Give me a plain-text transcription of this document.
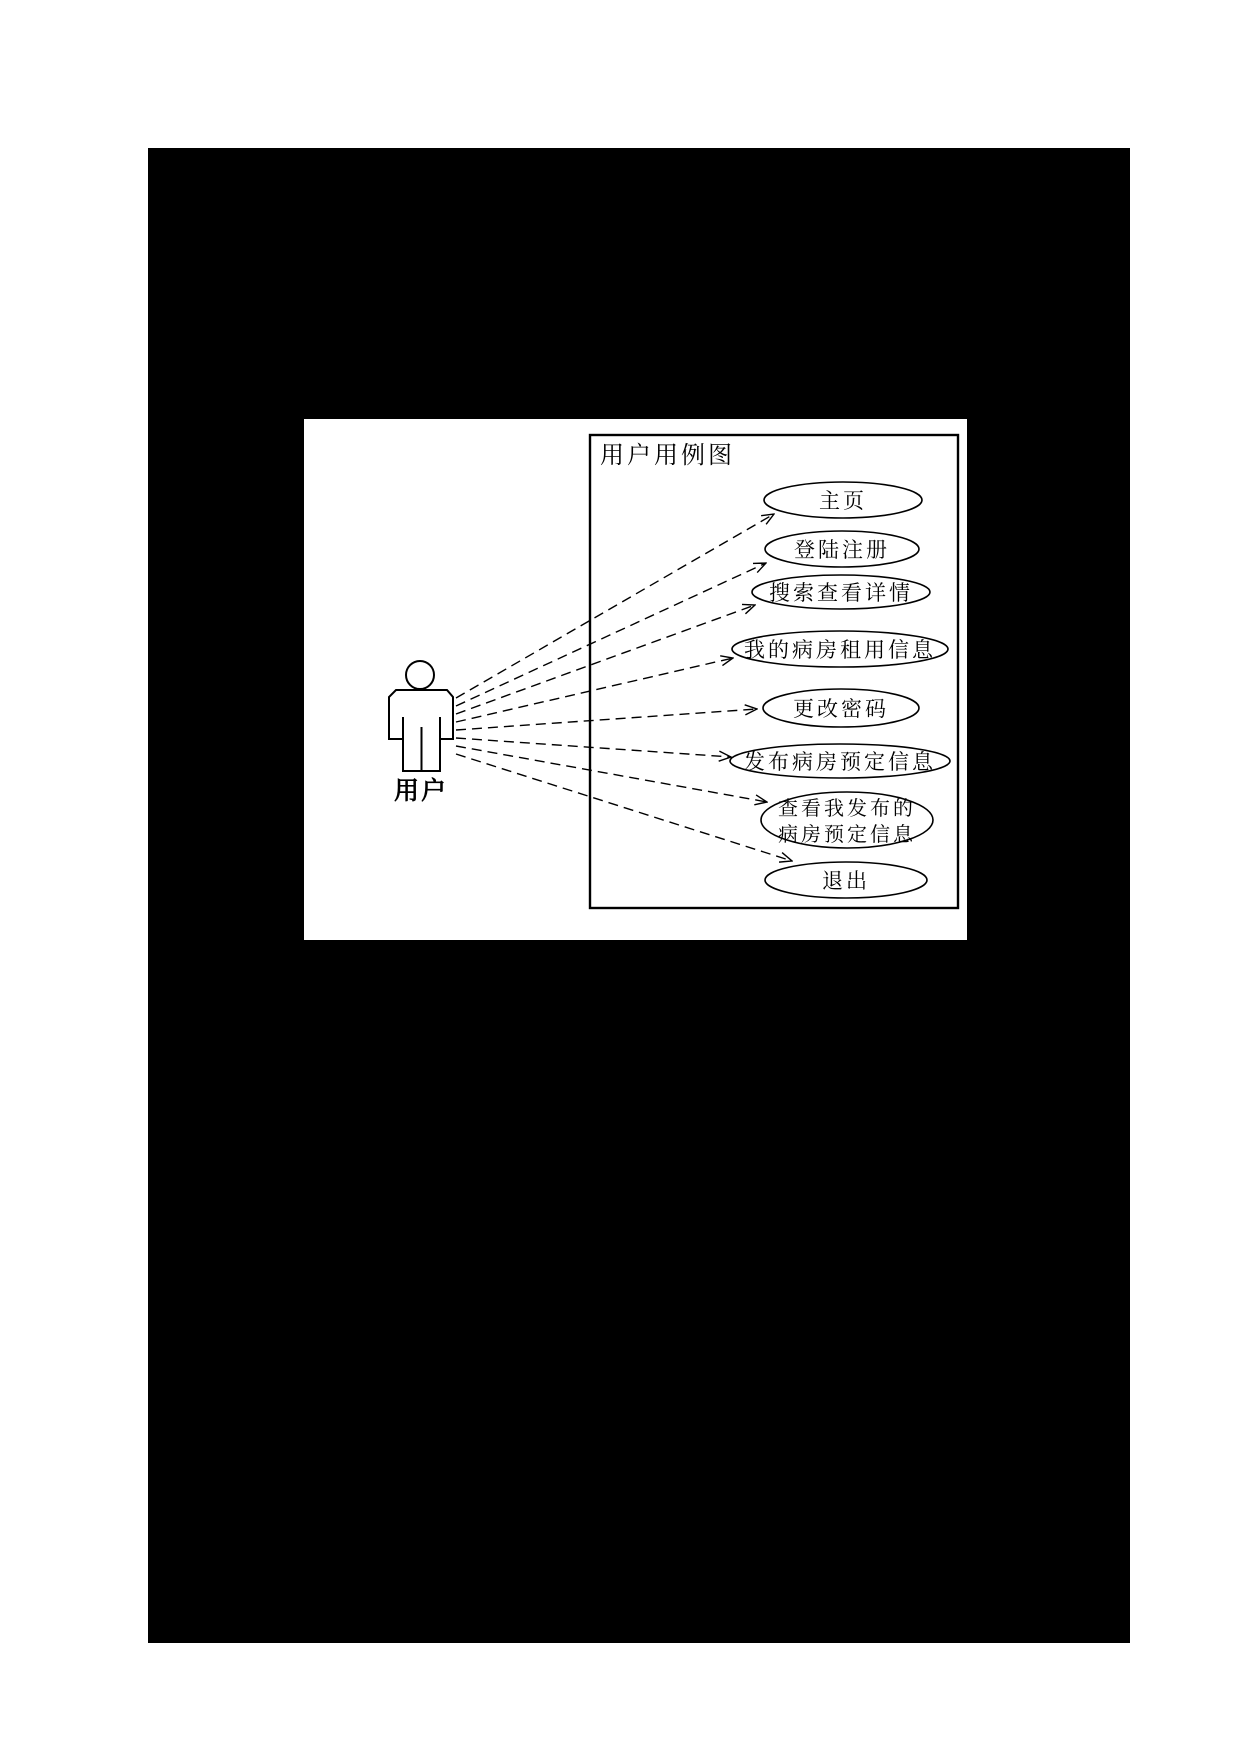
用户用例图
主页
登陆注册
搜索查看详情
我的病房租用信息
更改密码
发布病房预定信息
查看我发布的
病房预定信息
退出
用户
